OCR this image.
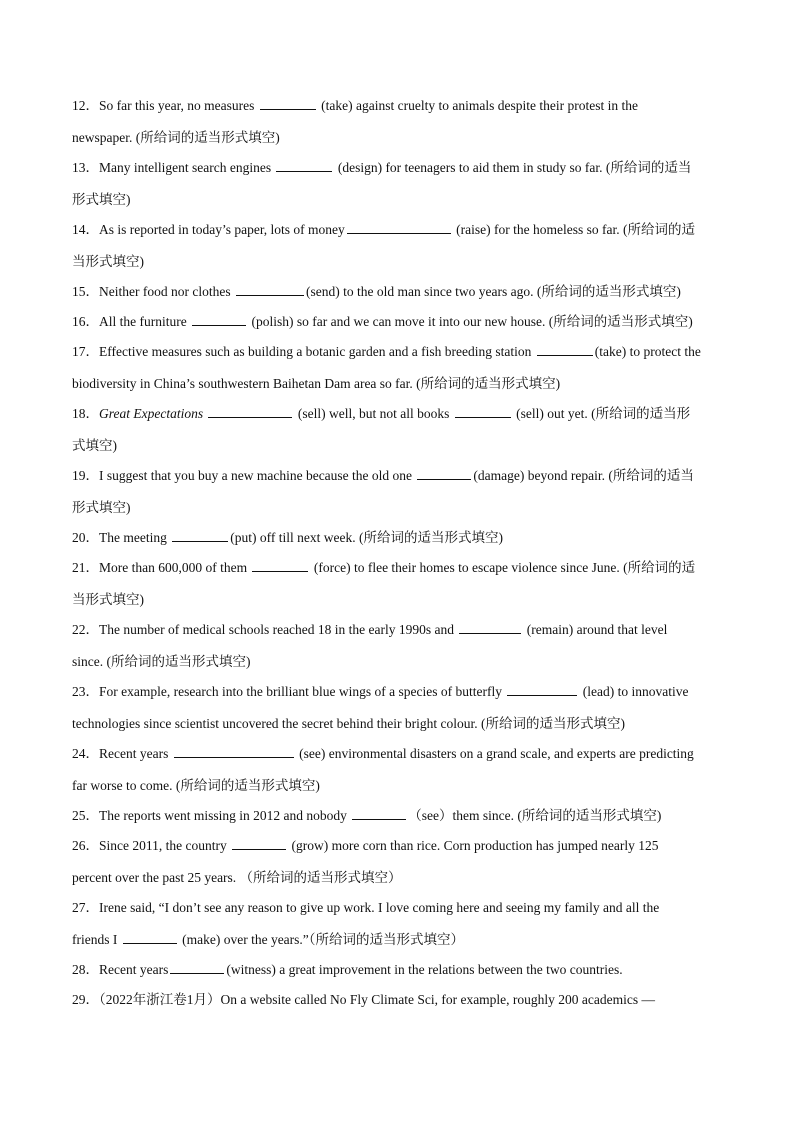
12．So far this year, no measures	(take) against cruelty to animals despite their protest in the
newspaper. (所给词的适当形式填空)
13．Many intelligent search engines	(design) for teenagers to aid them in study so far. (所给词的适当
形式填空)
14．As is reported in today’s paper, lots of money	(raise) for the homeless so far. (所给词的适
当形式填空)
15．Neither food nor clothes	(send) to the old man since two years ago. (所给词的适当形式填空)
16．All the furniture	(polish) so far and we can move it into our new house. (所给词的适当形式填空)
17．Effective measures such as building a botanic garden and a fish breeding station	(take) to protect the
biodiversity in China’s southwestern Baihetan Dam area so far. (所给词的适当形式填空)
18．Great Expectations	(sell) well, but not all books	(sell) out yet. (所给词的适当形
式填空)
19．I suggest that you buy a new machine because the old one	(damage) beyond repair. (所给词的适当
形式填空)
20．The meeting	(put) off till next week. (所给词的适当形式填空)
21．More than 600,000 of them	(force) to flee their homes to escape violence since June. (所给词的适
当形式填空)
22．The number of medical schools reached 18 in the early 1990s and	(remain) around that level
since. (所给词的适当形式填空)
23．For example, research into the brilliant blue wings of a species of butterfly	(lead) to innovative
technologies since scientist uncovered the secret behind their bright colour. (所给词的适当形式填空)
24．Recent years	(see) environmental disasters on a grand scale, and experts are predicting
far worse to come. (所给词的适当形式填空)
25．The reports went missing in 2012 and nobody	（see）them since. (所给词的适当形式填空)
26．Since 2011, the country	(grow) more corn than rice. Corn production has jumped nearly 125
percent over the past 25 years. （所给词的适当形式填空）
27．Irene said, “I don’t see any reason to give up work. I love coming here and seeing my family and all the
friends I	(make) over the years.”（所给词的适当形式填空）
28．Recent years	(witness) a great improvement in the relations between the two countries.
29．（2022年浙江卷1月）On a website called No Fly Climate Sci, for example, roughly 200 academics —
